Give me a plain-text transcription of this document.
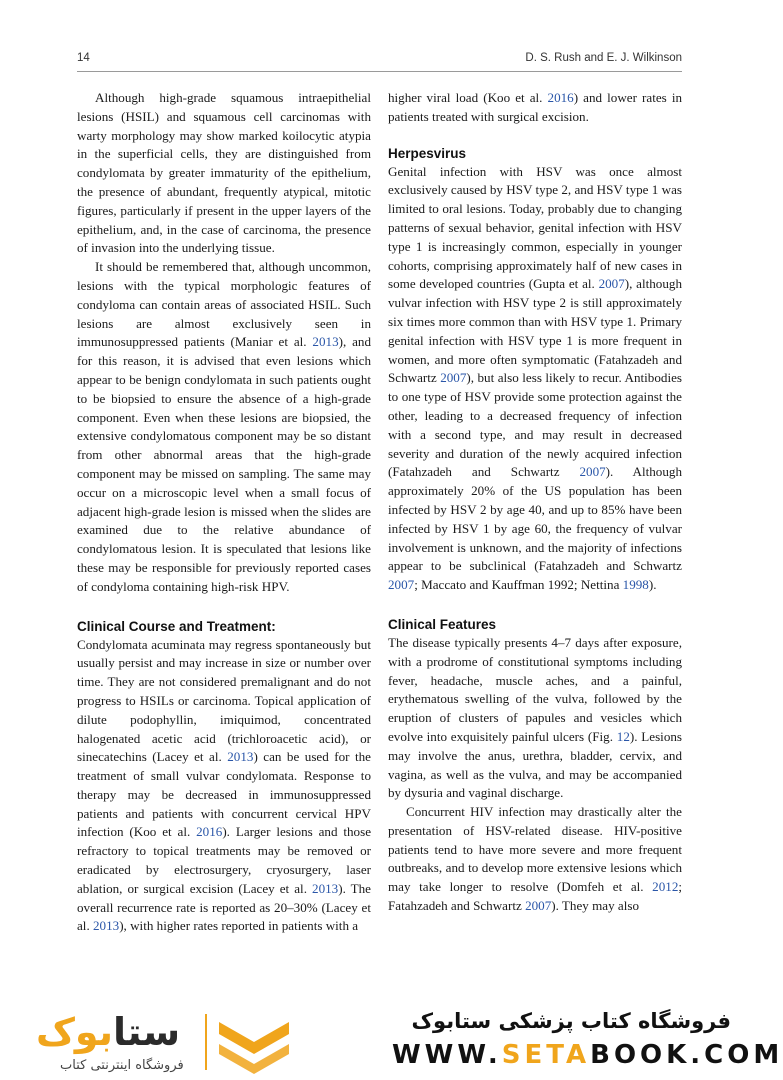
14	D. S. Rush and E. J. Wilkinson

Although high-grade squamous intraepithelial lesions (HSIL) and squamous cell carcinomas with warty morphology may show marked koilocytic atypia in the superficial cells, they are distinguished from condylomata by greater immaturity of the epithelium, the presence of abundant, frequently atypical, mitotic figures, particularly if present in the upper layers of the epithelium, and, in the case of carcinoma, the presence of invasion into the underlying tissue.

It should be remembered that, although uncommon, lesions with the typical morphologic features of condyloma can contain areas of associated HSIL. Such lesions are almost exclusively seen in immunosuppressed patients (Maniar et al. 2013), and for this reason, it is advised that even lesions which appear to be benign condylomata in such patients ought to be biopsied to ensure the absence of a high-grade component. Even when these lesions are biopsied, the extensive condylomatous component may be so distant from other abnormal areas that the high-grade component may be missed on sampling. The same may occur on a microscopic level when a small focus of adjacent high-grade lesion is missed when the slides are examined due to the relative abundance of condylomatous lesion. It is speculated that lesions like these may be responsible for previously reported cases of condyloma containing high-risk HPV.

Clinical Course and Treatment:

Condylomata acuminata may regress spontaneously but usually persist and may increase in size or number over time. They are not considered premalignant and do not progress to HSILs or carcinoma. Topical application of dilute podophyllin, imiquimod, concentrated halogenated acetic acid (trichloroacetic acid), or sinecatechins (Lacey et al. 2013) can be used for the treatment of small vulvar condylomata. Response to therapy may be decreased in immunosuppressed patients and patients with concurrent cervical HPV infection (Koo et al. 2016). Larger lesions and those refractory to topical treatments may be removed or eradicated by electrosurgery, cryosurgery, laser ablation, or surgical excision (Lacey et al. 2013). The overall recurrence rate is reported as 20–30% (Lacey et al. 2013), with higher rates reported in patients with a

higher viral load (Koo et al. 2016) and lower rates in patients treated with surgical excision.

Herpesvirus

Genital infection with HSV was once almost exclusively caused by HSV type 2, and HSV type 1 was limited to oral lesions. Today, probably due to changing patterns of sexual behavior, genital infection with HSV type 1 is increasingly common, especially in younger cohorts, comprising approximately half of new cases in some developed countries (Gupta et al. 2007), although vulvar infection with HSV type 2 is still approximately six times more common than with HSV type 1. Primary genital infection with HSV type 1 is more frequent in women, and more often symptomatic (Fatahzadeh and Schwartz 2007), but also less likely to recur. Antibodies to one type of HSV provide some protection against the other, leading to a decreased frequency of infection with a second type, and may result in decreased severity and duration of the newly acquired infection (Fatahzadeh and Schwartz 2007). Although approximately 20% of the US population has been infected by HSV 2 by age 40, and up to 85% have been infected by HSV 1 by age 60, the frequency of vulvar involvement is unknown, and the majority of infections appear to be subclinical (Fatahzadeh and Schwartz 2007; Maccato and Kauffman 1992; Nettina 1998).

Clinical Features

The disease typically presents 4–7 days after exposure, with a prodrome of constitutional symptoms including fever, headache, muscle aches, and a painful, erythematous swelling of the vulva, followed by the eruption of clusters of papules and vesicles which evolve into exquisitely painful ulcers (Fig. 12). Lesions may involve the anus, urethra, bladder, cervix, and vagina, as well as the vulva, and may be accompanied by dysuria and vaginal discharge.

Concurrent HIV infection may drastically alter the presentation of HSV-related disease. HIV-positive patients tend to have more severe and more frequent outbreaks, and to develop more extensive lesions which may take longer to resolve (Domfeh et al. 2012; Fatahzadeh and Schwartz 2007). They may also

ستابوک
فروشگاه اینترنتی کتاب
فروشگاه کتاب پزشکی ستابوک
WWW.SETABOOK.COM
